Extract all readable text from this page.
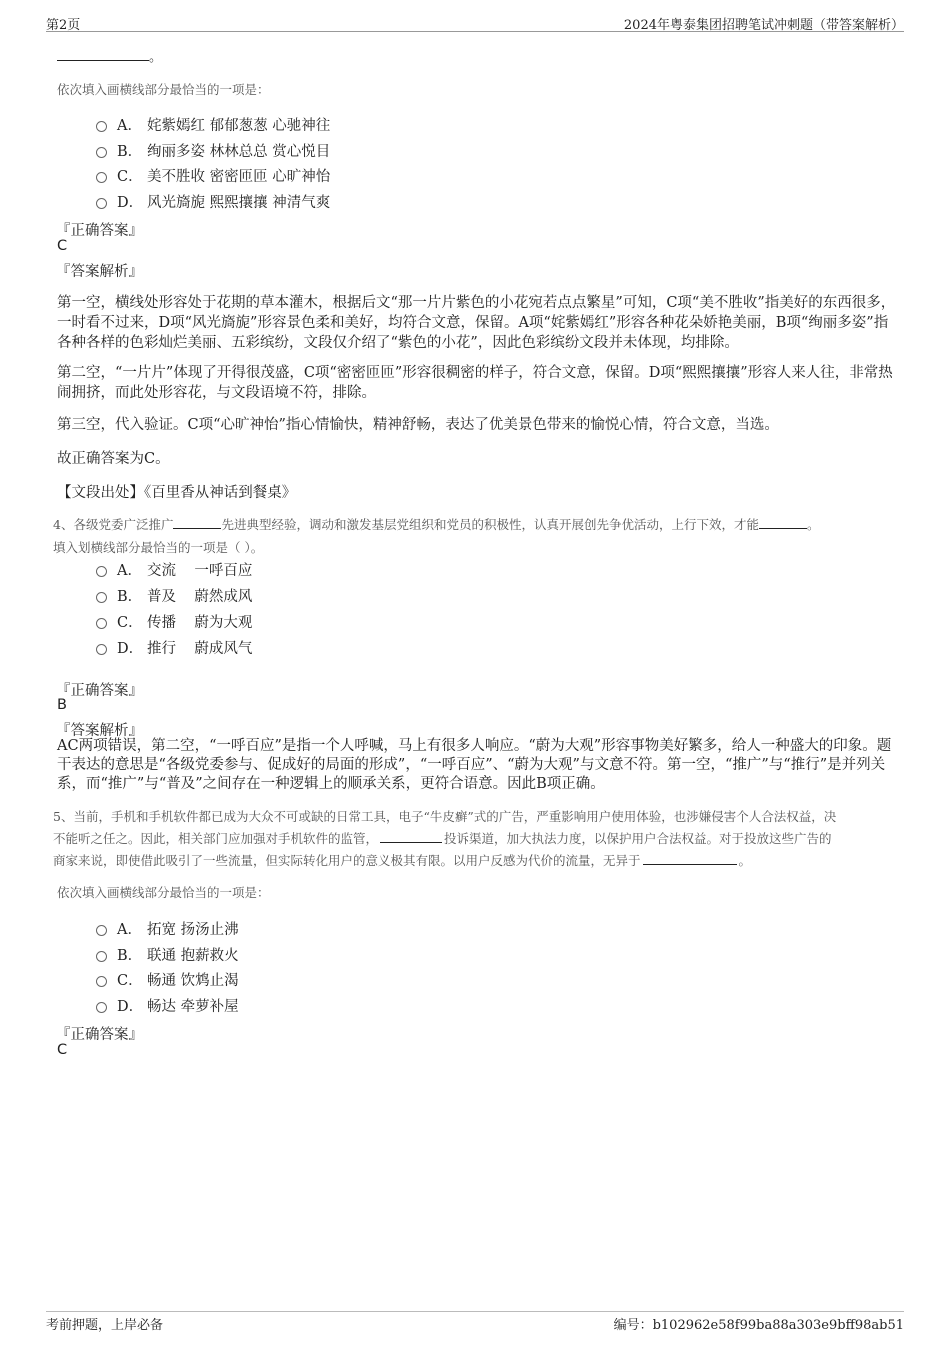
第2页	2024年粤泰集团招聘笔试冲刺题（带答案解析）
。
依次填入画横线部分最恰当的一项是：
A． 姹紫嫣红 郁郁葱葱 心驰神往
B． 绚丽多姿 林林总总 赏心悦目
C． 美不胜收 密密匝匝 心旷神怡
D． 风光旖旎 熙熙攘攘 神清气爽
『正确答案』
C
『答案解析』
第一空，横线处形容处于花期的草本灌木，根据后文“那一片片紫色的小花宛若点点繁星”可知，C项“美不胜收”指美好的东西很多，一时看不过来，D项“风光旖旎”形容景色柔和美好，均符合文意，保留。A项“姹紫嫣红”形容各种花朵娇艳美丽，B项“绚丽多姿”指各种各样的色彩灿烂美丽、五彩缤纷，文段仅介绍了“紫色的小花”，因此色彩缤纷文段并未体现，均排除。
第二空，“一片片”体现了开得很茂盛，C项“密密匝匝”形容很稠密的样子，符合文意，保留。D项“熙熙攘攘”形容人来人往，非常热闹拥挤，而此处形容花，与文段语境不符，排除。
第三空，代入验证。C项“心旷神怡”指心情愉快，精神舒畅，表达了优美景色带来的愉悦心情，符合文意，当选。
故正确答案为C。
【文段出处】《百里香从神话到餐桌》
4、各级党委广泛推广	先进典型经验，调动和激发基层党组织和党员的积极性，认真开展创先争优活动，上行下效，才能	。
填入划横线部分最恰当的一项是（ ）。
A． 交流    一呼百应
B． 普及    蔚然成风
C． 传播    蔚为大观
D． 推行    蔚成风气
『正确答案』
B
『答案解析』
AC两项错误，第二空，“一呼百应”是指一个人呼喊，马上有很多人响应。“蔚为大观”形容事物美好繁多，给人一种盛大的印象。题干表达的意思是“各级党委参与、促成好的局面的形成”，“一呼百应”、“蔚为大观”与文意不符。第一空，“推广”与“推行”是并列关系，而“推广”与“普及”之间存在一种逻辑上的顺承关系，更符合语意。因此B项正确。
5、当前，手机和手机软件都已成为大众不可或缺的日常工具，电子“牛皮癣”式的广告，严重影响用户使用体验，也涉嫌侵害个人合法权益，决
不能听之任之。因此，相关部门应加强对手机软件的监管，	投诉渠道，加大执法力度，以保护用户合法权益。对于投放这些广告的
商家来说，即使借此吸引了一些流量，但实际转化用户的意义极其有限。以用户反感为代价的流量，无异于	。
依次填入画横线部分最恰当的一项是：
A． 拓宽 扬汤止沸
B． 联通 抱薪救火
C． 畅通 饮鸩止渴
D． 畅达 牵萝补屋
『正确答案』
C
考前押题，上岸必备	编号：b102962e58f99ba88a303e9bff98ab51
